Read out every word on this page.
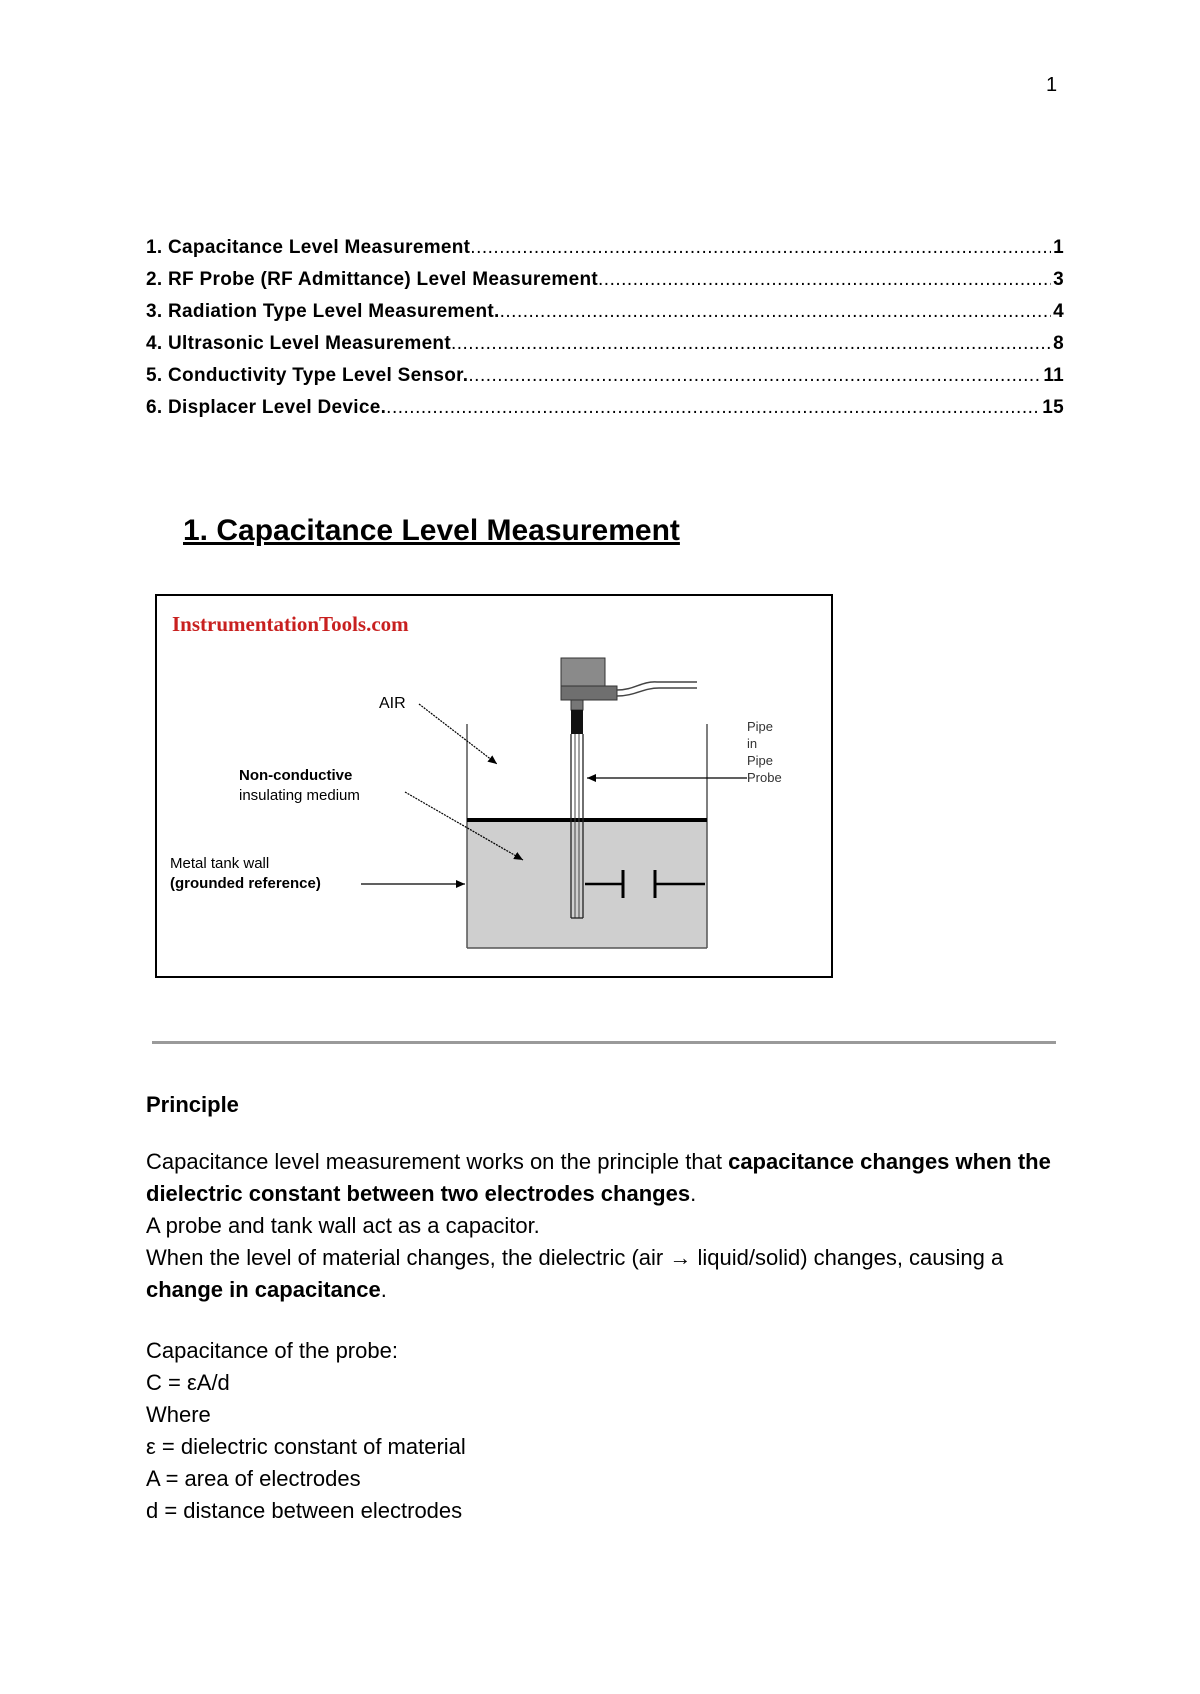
1
1. Capacitance Level Measurement .....	1
2. RF Probe (RF Admittance) Level Measurement .....	3
3. Radiation Type Level Measurement. .....	4
4. Ultrasonic Level Measurement .....	8
5. Conductivity Type Level Sensor. .....	11
6. Displacer Level Device. .....	15
1. Capacitance Level Measurement
InstrumentationTools.com
AIR
Non-conductive
insulating medium
Metal tank wall
(grounded reference)
Pipe
in
Pipe
Probe
Principle

Capacitance level measurement works on the principle that capacitance changes when the dielectric constant between two electrodes changes.

A probe and tank wall act as a capacitor.

When the level of material changes, the dielectric (air → liquid/solid) changes, causing a change in capacitance.

Capacitance of the probe:

C = εA/d

Where

ε = dielectric constant of material

A = area of electrodes

d = distance between electrodes
